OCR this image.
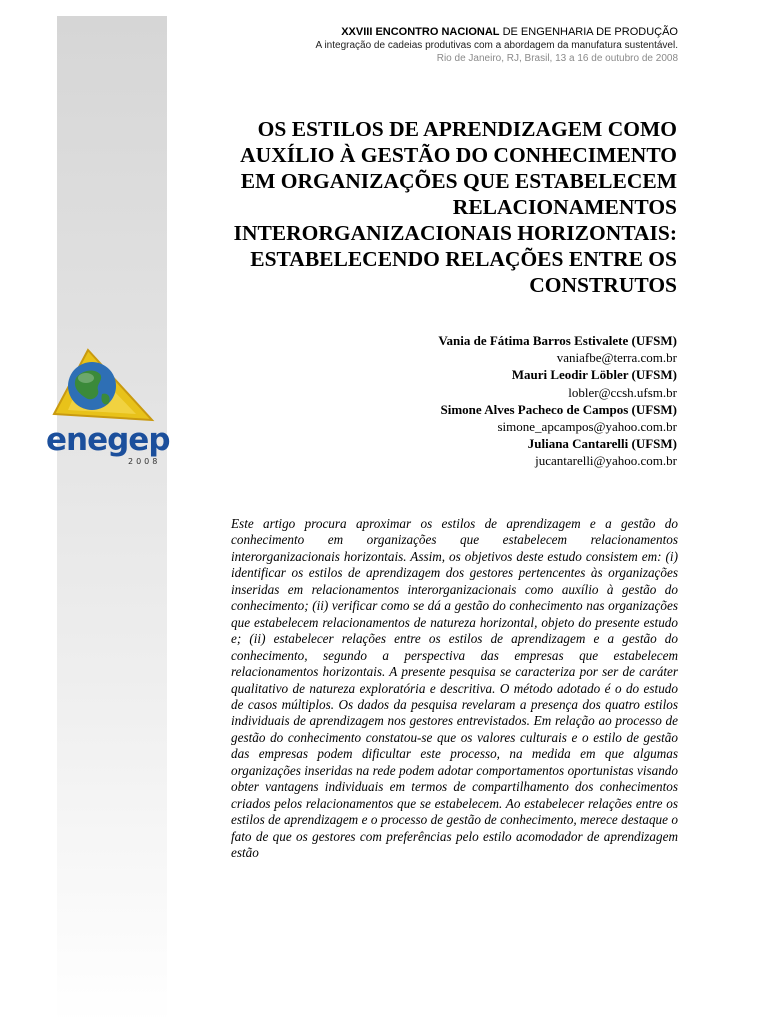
XXVIII ENCONTRO NACIONAL DE ENGENHARIA DE PRODUÇÃO
A integração de cadeias produtivas com a abordagem da manufatura sustentável.
Rio de Janeiro, RJ, Brasil, 13 a 16 de outubro de 2008
enegep
2008
OS ESTILOS DE APRENDIZAGEM COMO AUXÍLIO À GESTÃO DO CONHECIMENTO EM ORGANIZAÇÕES QUE ESTABELECEM RELACIONAMENTOS INTERORGANIZACIONAIS HORIZONTAIS: ESTABELECENDO RELAÇÕES ENTRE OS CONSTRUTOS
Vania de Fátima Barros Estivalete (UFSM)
vaniafbe@terra.com.br
Mauri Leodir Löbler (UFSM)
lobler@ccsh.ufsm.br
Simone Alves Pacheco de Campos (UFSM)
simone_apcampos@yahoo.com.br
Juliana Cantarelli (UFSM)
jucantarelli@yahoo.com.br

Este artigo procura aproximar os estilos de aprendizagem e a gestão do conhecimento em organizações que estabelecem relacionamentos interorganizacionais horizontais. Assim, os objetivos deste estudo consistem em: (i) identificar os estilos de aprendizagem dos gestores pertencentes às organizações inseridas em relacionamentos interorganizacionais como auxílio à gestão do conhecimento; (ii) verificar como se dá a gestão do conhecimento nas organizações que estabelecem relacionamentos de natureza horizontal, objeto do presente estudo e; (ii) estabelecer relações entre os estilos de aprendizagem e a gestão do conhecimento, segundo a perspectiva das empresas que estabelecem relacionamentos horizontais. A presente pesquisa se caracteriza por ser de caráter qualitativo de natureza exploratória e descritiva. O método adotado é o do estudo de casos múltiplos. Os dados da pesquisa revelaram a presença dos quatro estilos individuais de aprendizagem nos gestores entrevistados. Em relação ao processo de gestão do conhecimento constatou-se que os valores culturais e o estilo de gestão das empresas podem dificultar este processo, na medida em que algumas organizações inseridas na rede podem adotar comportamentos oportunistas visando obter vantagens individuais em termos de compartilhamento dos conhecimentos criados pelos relacionamentos que se estabelecem. Ao estabelecer relações entre os estilos de aprendizagem e o processo de gestão de conhecimento, merece destaque o fato de que os gestores com preferências pelo estilo acomodador de aprendizagem estão
